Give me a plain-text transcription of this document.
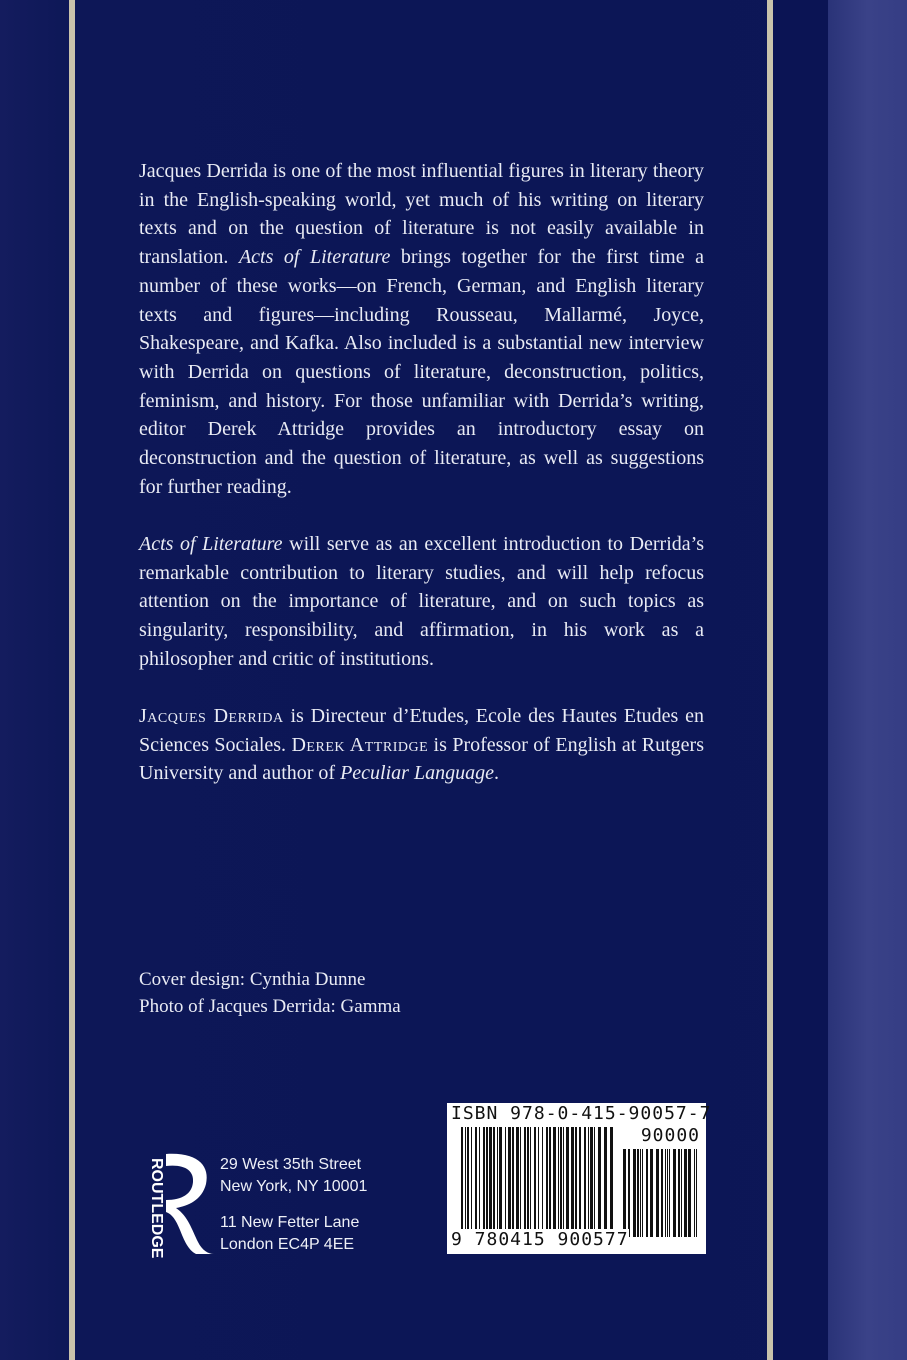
Jacques Derrida is one of the most influential figures in literary theory in the English-speaking world, yet much of his writing on literary texts and on the question of literature is not easily available in translation. Acts of Literature brings together for the first time a number of these works—on French, German, and English literary texts and figures—including Rousseau, Mallarmé, Joyce, Shakespeare, and Kafka. Also included is a substantial new interview with Derrida on questions of literature, deconstruction, politics, feminism, and history. For those unfamiliar with Derrida’s writing, editor Derek Attridge provides an introductory essay on deconstruction and the question of literature, as well as suggestions for further reading.

Acts of Literature will serve as an excellent introduction to Derrida’s remarkable contribution to literary studies, and will help refocus attention on the importance of literature, and on such topics as singularity, responsibility, and affirmation, in his work as a philosopher and critic of institutions.

Jacques Derrida is Directeur d’Etudes, Ecole des Hautes Etudes en Sciences Sociales. Derek Attridge is Professor of English at Rutgers University and author of Peculiar Language.

Cover design: Cynthia Dunne
Photo of Jacques Derrida: Gamma
ROUTLEDGE	29 West 35th Street
New York, NY 10001
11 New Fetter Lane
London EC4P 4EE
ISBN 978-0-415-90057-7
90000
9 780415 900577
